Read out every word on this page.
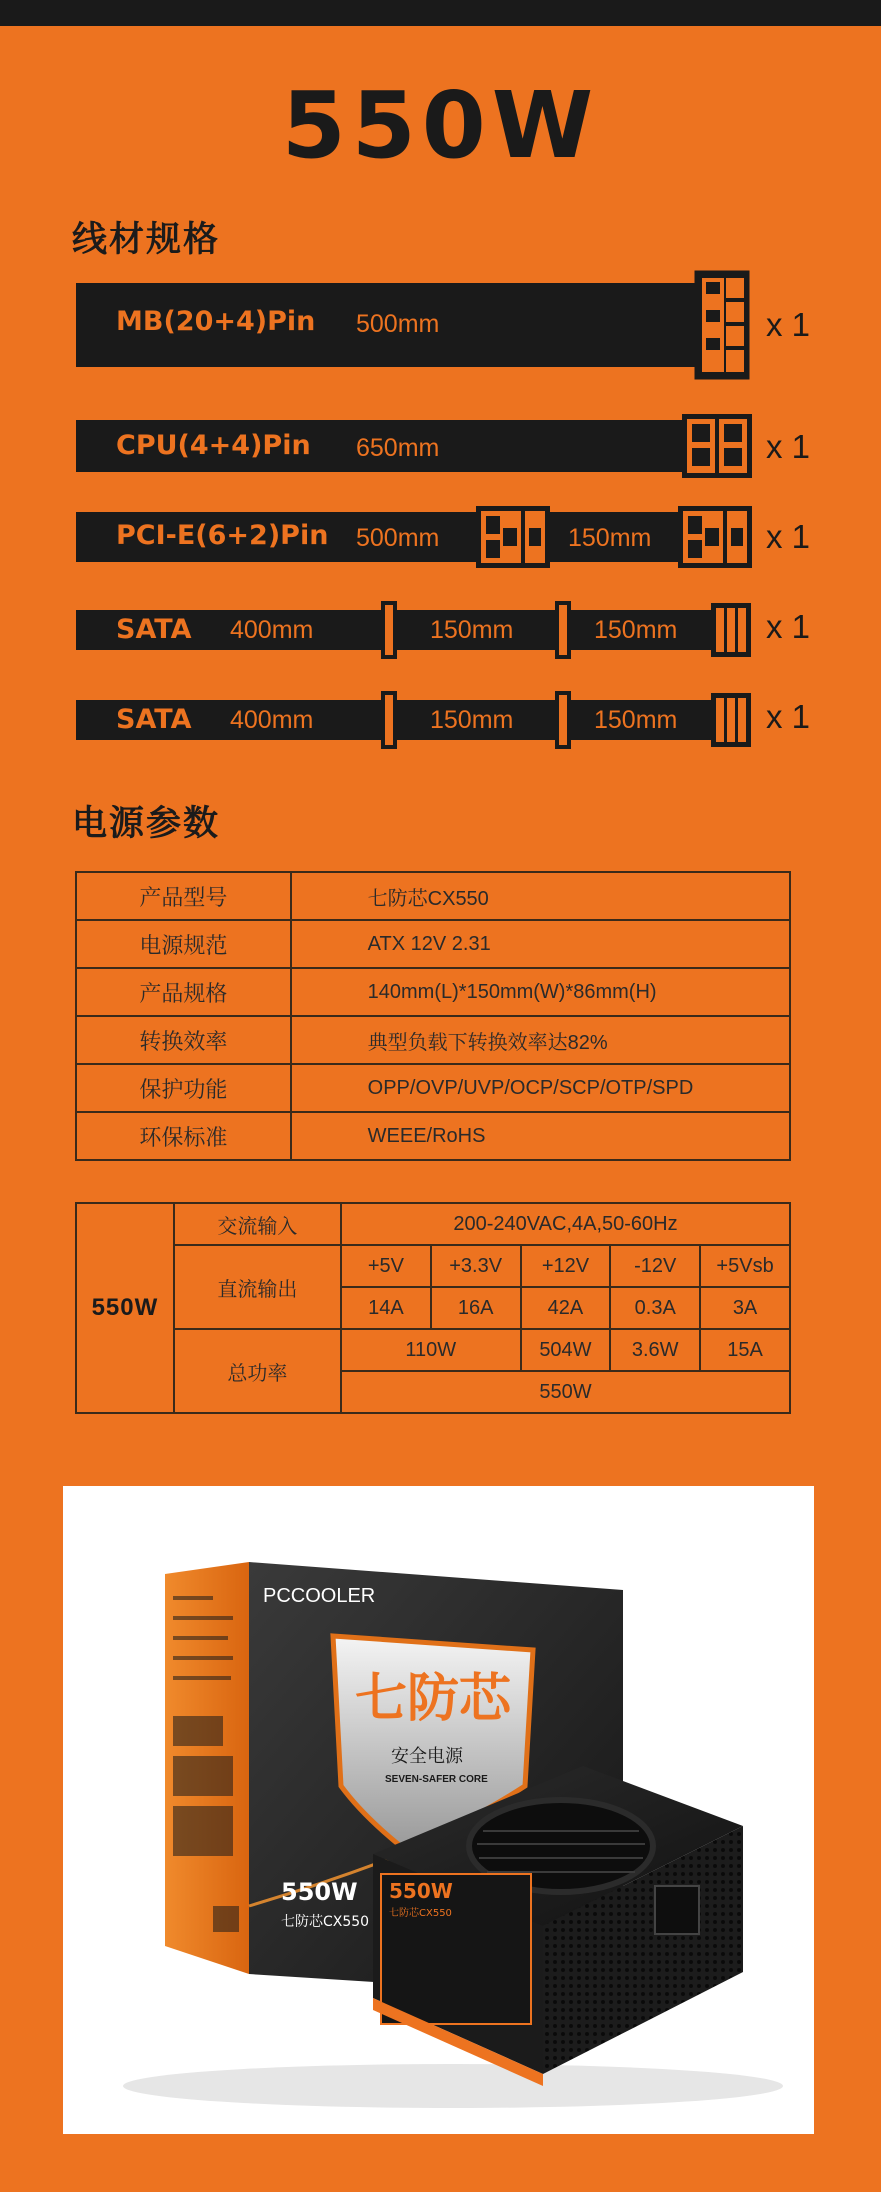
550W
线材规格
MB(20+4)Pin 500mm	x 1
CPU(4+4)Pin 650mm	x 1
PCI-E(6+2)Pin 500mm	150mm	x 1
SATA 400mm	150mm	150mm	x 1
SATA 400mm	150mm	150mm	x 1
电源参数
产品型号	七防芯CX550
电源规范	ATX 12V 2.31
产品规格	140mm(L)*150mm(W)*86mm(H)
转换效率	典型负载下转换效率达82%
保护功能	OPP/OVP/UVP/OCP/SCP/OTP/SPD
环保标准	WEEE/RoHS
550W	交流输入	200-240VAC,4A,50-60Hz				
	直流输出	+5V	+3.3V	+12V	-12V	+5Vsb
		14A	16A	42A	0.3A	3A
	总功率	110W		504W	3.6W	15A
		550W				
PCCOOLER
七防芯
安全电源
SEVEN-SAFER CORE
550W
七防芯CX550
550W
七防芯CX550
